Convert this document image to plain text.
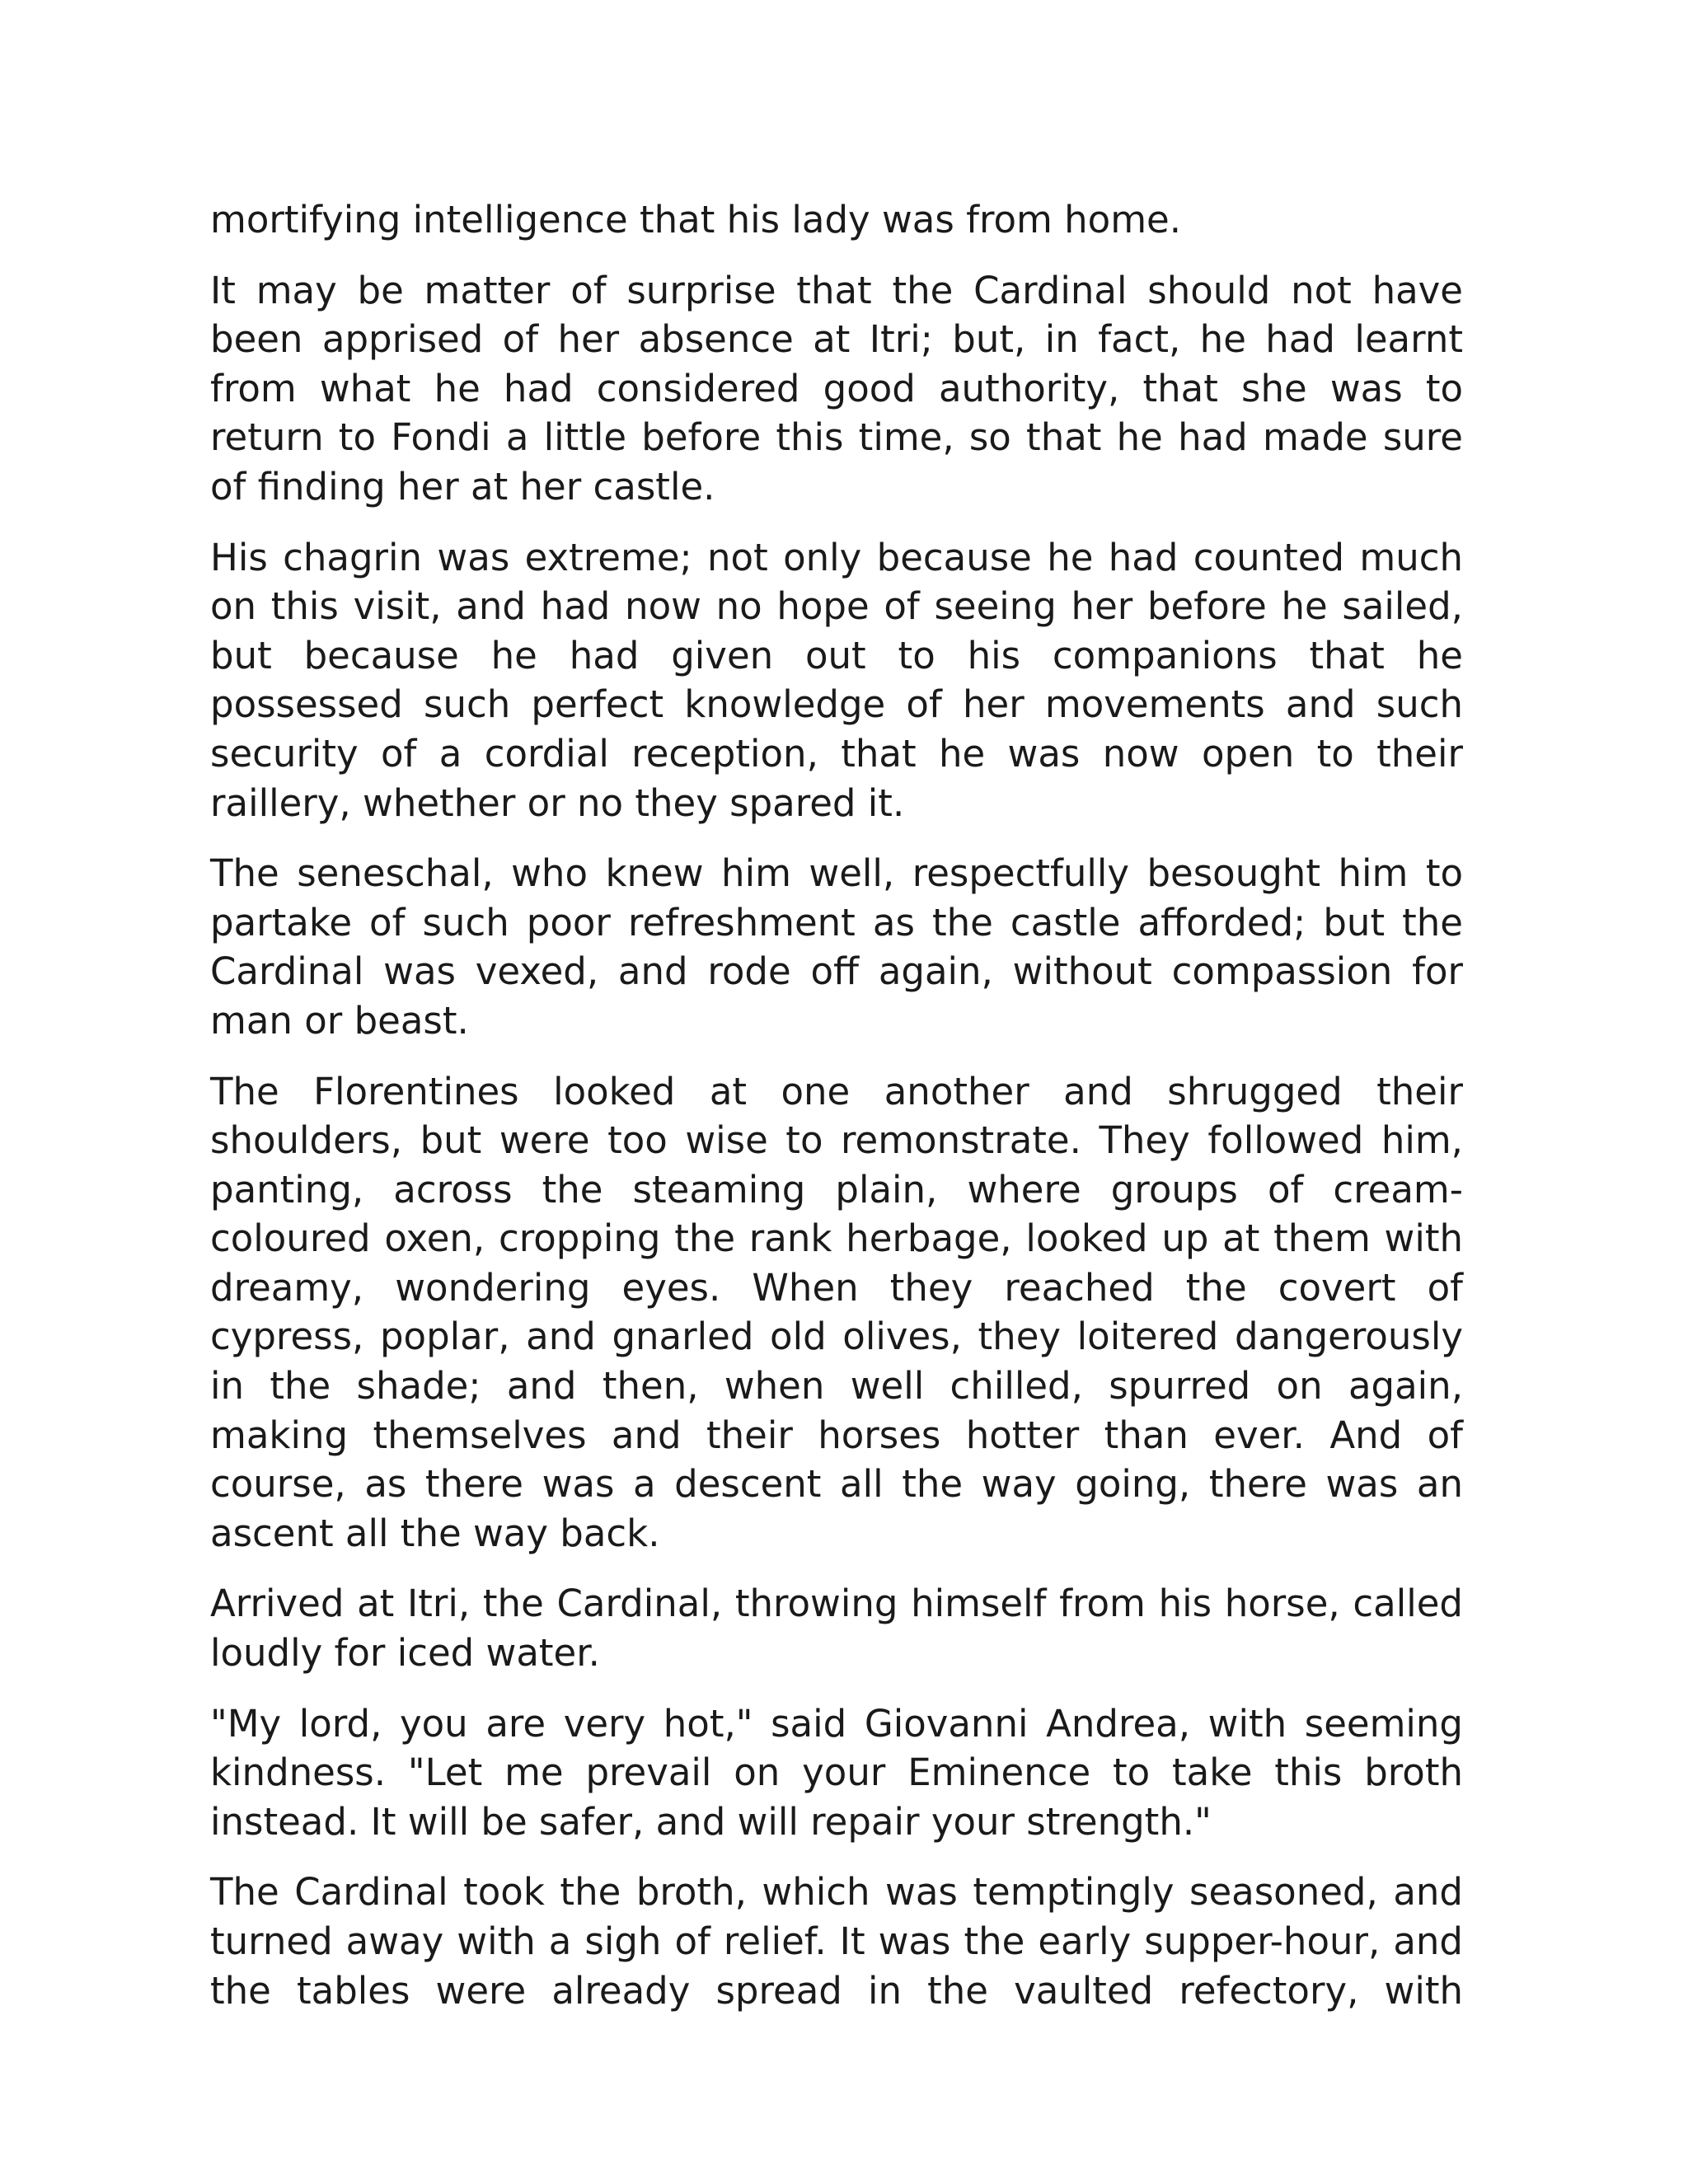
mortifying intelligence that his lady was from home.

It may be matter of surprise that the Cardinal should not have been apprised of her absence at Itri; but, in fact, he had learnt from what he had considered good authority, that she was to return to Fondi a little before this time, so that he had made sure of finding her at her castle.

His chagrin was extreme; not only because he had counted much on this visit, and had now no hope of seeing her before he sailed, but because he had given out to his companions that he possessed such perfect knowledge of her movements and such security of a cordial reception, that he was now open to their raillery, whether or no they spared it.

The seneschal, who knew him well, respectfully besought him to partake of such poor refreshment as the castle afforded; but the Cardinal was vexed, and rode off again, without compassion for man or beast.

The Florentines looked at one another and shrugged their shoulders, but were too wise to remonstrate. They followed him, panting, across the steaming plain, where groups of cream-coloured oxen, cropping the rank herbage, looked up at them with dreamy, wondering eyes. When they reached the covert of cypress, poplar, and gnarled old olives, they loitered dangerously in the shade; and then, when well chilled, spurred on again, making themselves and their horses hotter than ever. And of course, as there was a descent all the way going, there was an ascent all the way back.

Arrived at Itri, the Cardinal, throwing himself from his horse, called loudly for iced water.

"My lord, you are very hot," said Giovanni Andrea, with seeming kindness. "Let me prevail on your Eminence to take this broth instead. It will be safer, and will repair your strength."

The Cardinal took the broth, which was temptingly seasoned, and turned away with a sigh of relief. It was the early supper-hour, and the tables were already spread in the vaulted refectory, with
